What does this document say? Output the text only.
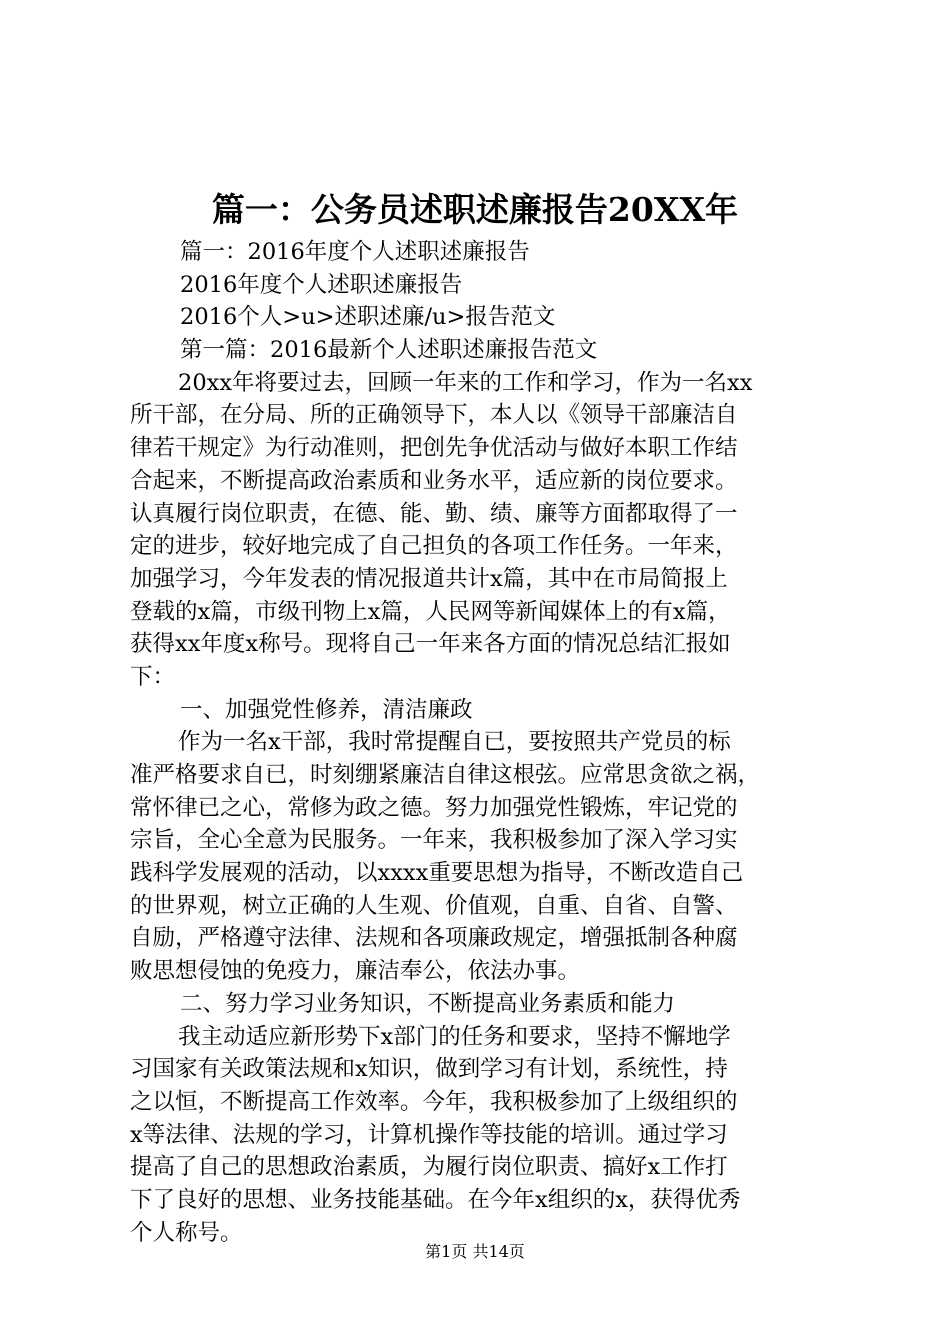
篇一：公务员述职述廉报告20XX年
篇一：2016年度个人述职述廉报告
2016年度个人述职述廉报告
2016个人>u>述职述廉/u>报告范文
第一篇：2016最新个人述职述廉报告范文
20xx年将要过去，回顾一年来的工作和学习，作为一名xx
所干部，在分局、所的正确领导下，本人以《领导干部廉洁自
律若干规定》为行动准则，把创先争优活动与做好本职工作结
合起来，不断提高政治素质和业务水平，适应新的岗位要求。
认真履行岗位职责，在德、能、勤、绩、廉等方面都取得了一
定的进步，较好地完成了自己担负的各项工作任务。一年来，
加强学习，今年发表的情况报道共计x篇，其中在市局简报上
登载的x篇，市级刊物上x篇，人民网等新闻媒体上的有x篇，
获得xx年度x称号。现将自己一年来各方面的情况总结汇报如
下：
一、加强党性修养，清洁廉政
作为一名x干部，我时常提醒自已，要按照共产党员的标
准严格要求自已，时刻绷紧廉洁自律这根弦。应常思贪欲之祸，
常怀律已之心，常修为政之德。努力加强党性锻炼，牢记党的
宗旨，全心全意为民服务。一年来，我积极参加了深入学习实
践科学发展观的活动，以xxxx重要思想为指导，不断改造自己
的世界观，树立正确的人生观、价值观，自重、自省、自警、
自励，严格遵守法律、法规和各项廉政规定，增强抵制各种腐
败思想侵蚀的免疫力，廉洁奉公，依法办事。
二、努力学习业务知识，不断提高业务素质和能力
我主动适应新形势下x部门的任务和要求，坚持不懈地学
习国家有关政策法规和x知识，做到学习有计划，系统性，持
之以恒，不断提高工作效率。今年，我积极参加了上级组织的
x等法律、法规的学习，计算机操作等技能的培训。通过学习
提高了自己的思想政治素质，为履行岗位职责、搞好x工作打
下了良好的思想、业务技能基础。在今年x组织的x，获得优秀
个人称号。
第1页 共14页
